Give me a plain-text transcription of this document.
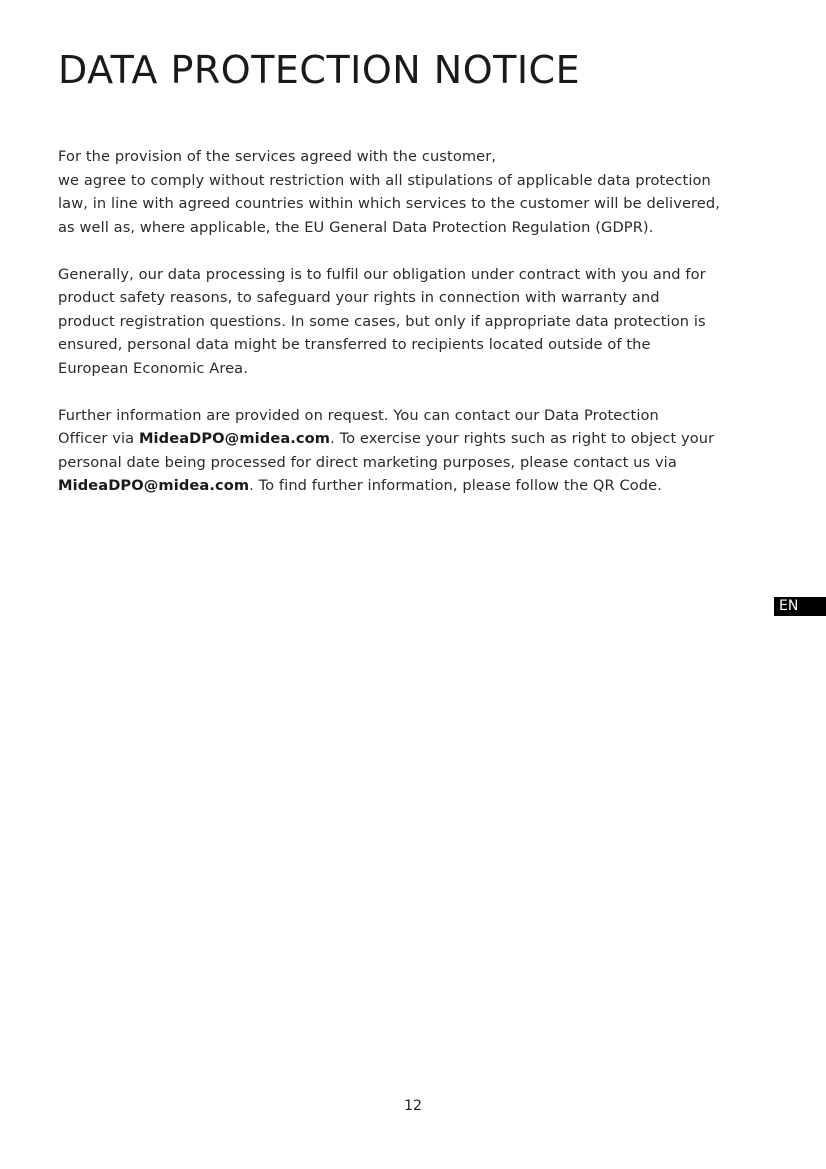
DATA PROTECTION NOTICE

For the provision of the services agreed with the customer,
we agree to comply without restriction with all stipulations of applicable data protection
law, in line with agreed countries within which services to the customer will be delivered,
as well as, where applicable, the EU General Data Protection Regulation (GDPR).

Generally, our data processing is to fulfil our obligation under contract with you and for
product safety reasons, to safeguard your rights in connection with warranty and
product registration questions. In some cases, but only if appropriate data protection is
ensured, personal data might be transferred to recipients located outside of the
European Economic Area.

Further information are provided on request. You can contact our Data Protection
Officer via MideaDPO@midea.com. To exercise your rights such as right to object your
personal date being processed for direct marketing purposes, please contact us via
MideaDPO@midea.com. To find further information, please follow the QR Code.

EN
12
